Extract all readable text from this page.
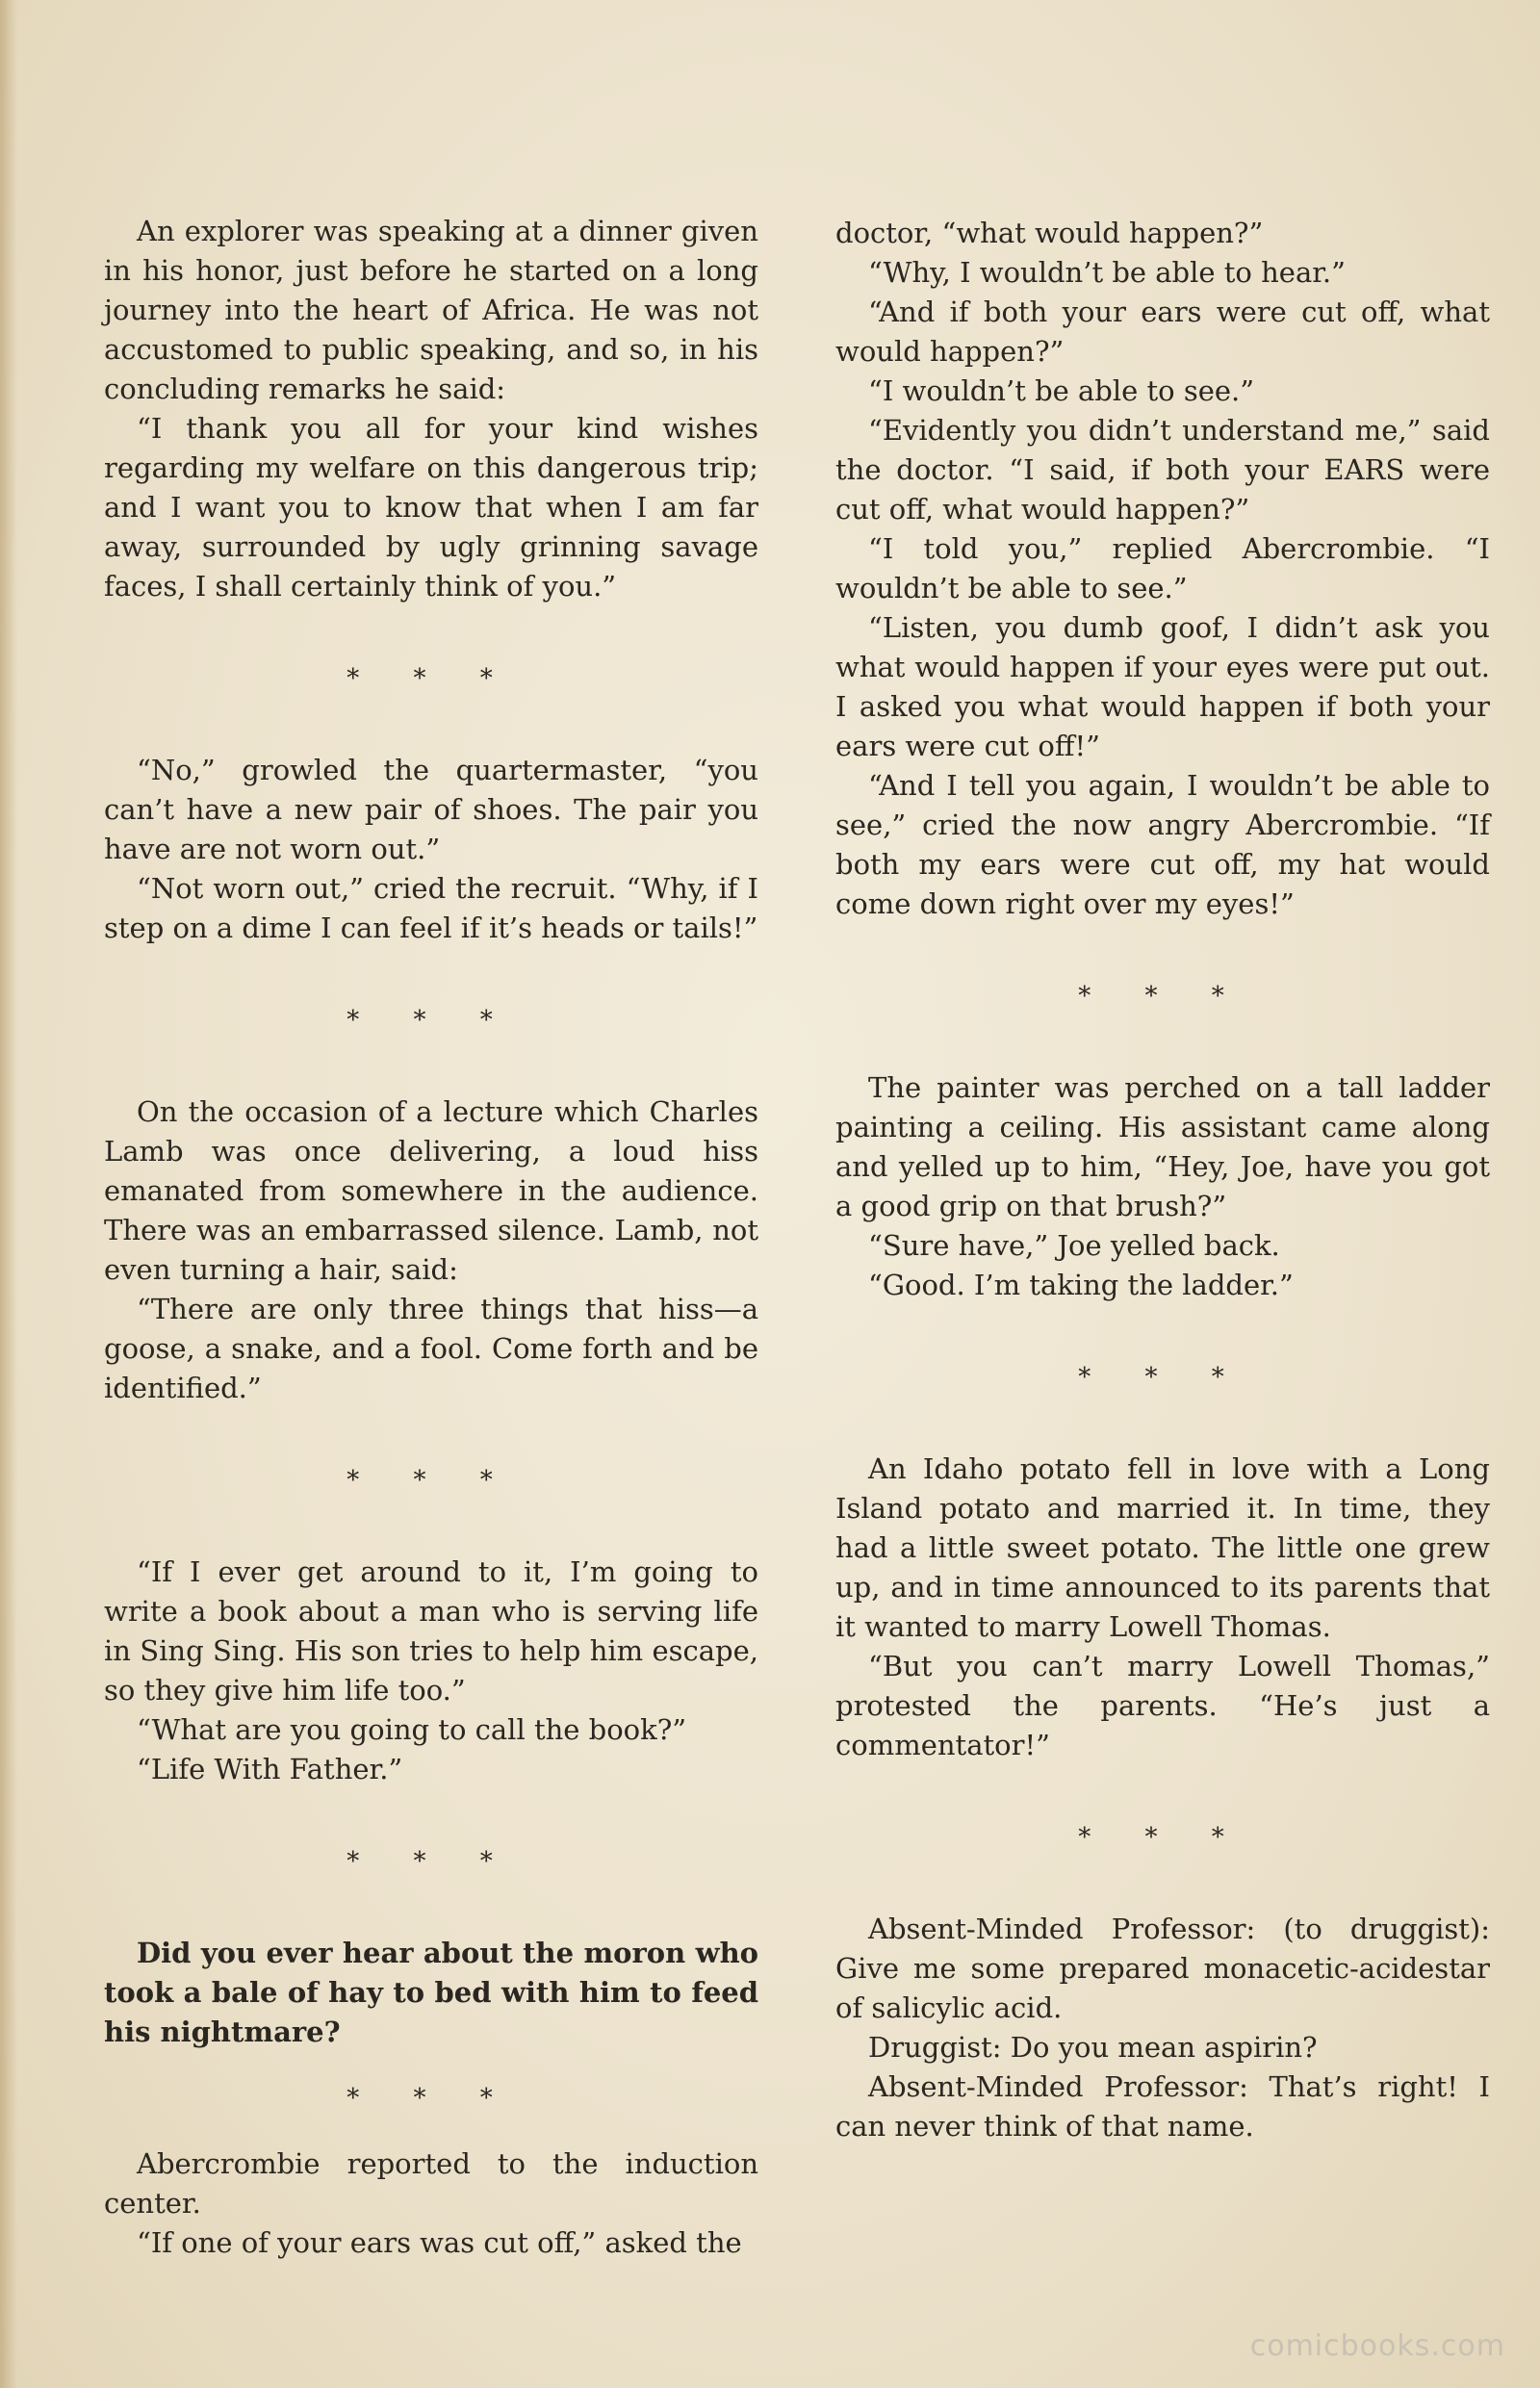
An explorer was speaking at a dinner given in his honor, just before he started on a long journey into the heart of Africa. He was not accustomed to public speaking, and so, in his concluding remarks he said:

“I thank you all for your kind wishes regarding my welfare on this dangerous trip; and I want you to know that when I am far away, surrounded by ugly grinning savage faces, I shall certainly think of you.”

* * *

“No,” growled the quartermaster, “you can’t have a new pair of shoes. The pair you have are not worn out.”

“Not worn out,” cried the recruit. “Why, if I step on a dime I can feel if it’s heads or tails!”

* * *

On the occasion of a lecture which Charles Lamb was once delivering, a loud hiss emanated from somewhere in the audience. There was an embarrassed silence. Lamb, not even turning a hair, said:

“There are only three things that hiss—a goose, a snake, and a fool. Come forth and be identified.”

* * *

“If I ever get around to it, I’m going to write a book about a man who is serving life in Sing Sing. His son tries to help him escape, so they give him life too.”

“What are you going to call the book?”

“Life With Father.”

* * *

Did you ever hear about the moron who took a bale of hay to bed with him to feed his nightmare?

* * *

Abercrombie reported to the induction center.

“If one of your ears was cut off,” asked the

doctor, “what would happen?”

“Why, I wouldn’t be able to hear.”

“And if both your ears were cut off, what would happen?”

“I wouldn’t be able to see.”

“Evidently you didn’t understand me,” said the doctor. “I said, if both your EARS were cut off, what would happen?”

“I told you,” replied Abercrombie. “I wouldn’t be able to see.”

“Listen, you dumb goof, I didn’t ask you what would happen if your eyes were put out. I asked you what would happen if both your ears were cut off!”

“And I tell you again, I wouldn’t be able to see,” cried the now angry Abercrombie. “If both my ears were cut off, my hat would come down right over my eyes!”

* * *

The painter was perched on a tall ladder painting a ceiling. His assistant came along and yelled up to him, “Hey, Joe, have you got a good grip on that brush?”

“Sure have,” Joe yelled back.

“Good. I’m taking the ladder.”

* * *

An Idaho potato fell in love with a Long Island potato and married it. In time, they had a little sweet potato. The little one grew up, and in time announced to its parents that it wanted to marry Lowell Thomas.

“But you can’t marry Lowell Thomas,” protested the parents. “He’s just a commentator!”

* * *

Absent-Minded Professor: (to druggist): Give me some prepared monacetic-acidestar of salicylic acid.

Druggist: Do you mean aspirin?

Absent-Minded Professor: That’s right! I can never think of that name.

comicbooks.com
